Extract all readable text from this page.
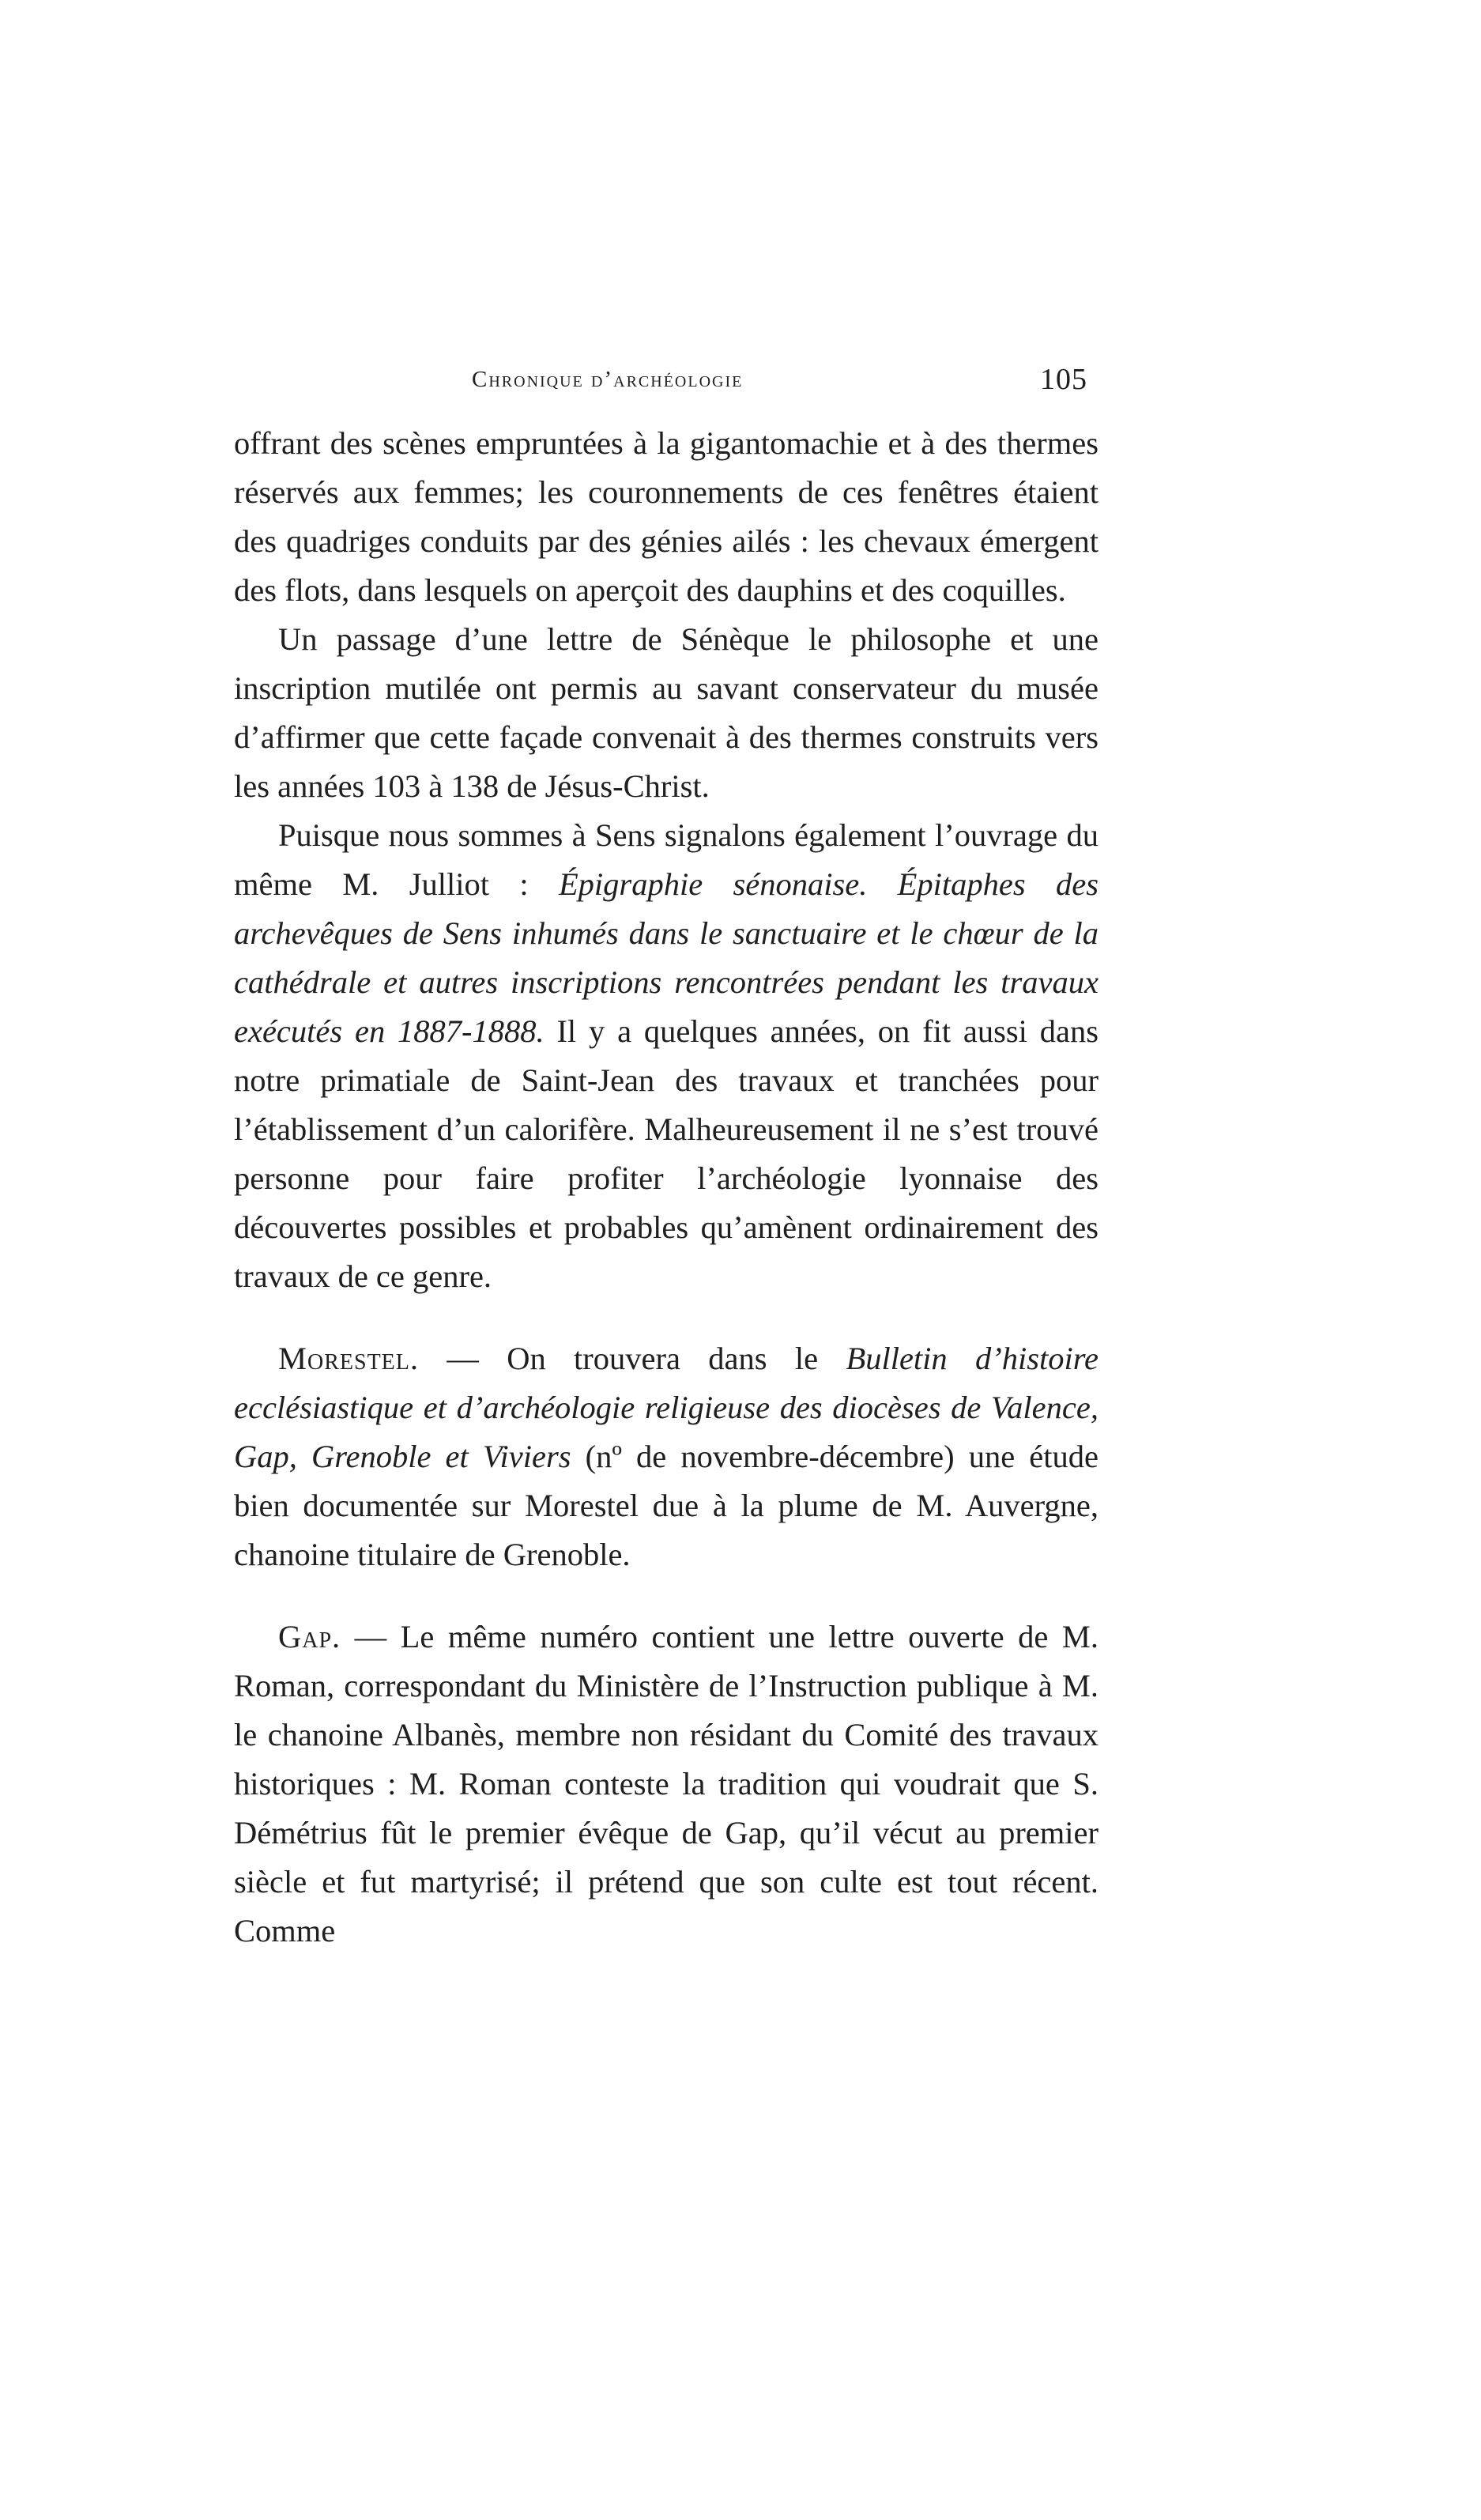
Chronique d’archéologie	105

offrant des scènes empruntées à la gigantomachie et à des thermes réservés aux femmes; les couronnements de ces fenêtres étaient des quadriges conduits par des génies ailés : les chevaux émergent des flots, dans lesquels on aperçoit des dauphins et des coquilles.

Un passage d’une lettre de Sénèque le philosophe et une inscription mutilée ont permis au savant conservateur du musée d’affirmer que cette façade convenait à des thermes construits vers les années 103 à 138 de Jésus-Christ.

Puisque nous sommes à Sens signalons également l’ouvrage du même M. Julliot : Épigraphie sénonaise. Épitaphes des archevêques de Sens inhumés dans le sanctuaire et le chœur de la cathédrale et autres inscriptions rencontrées pendant les travaux exécutés en 1887-1888. Il y a quelques années, on fit aussi dans notre primatiale de Saint-Jean des travaux et tranchées pour l’établissement d’un calorifère. Malheureusement il ne s’est trouvé personne pour faire profiter l’archéologie lyonnaise des découvertes possibles et probables qu’amènent ordinairement des travaux de ce genre.

Morestel. — On trouvera dans le Bulletin d’histoire ecclésiastique et d’archéologie religieuse des diocèses de Valence, Gap, Grenoble et Viviers (nº de novembre-décembre) une étude bien documentée sur Morestel due à la plume de M. Auvergne, chanoine titulaire de Grenoble.

Gap. — Le même numéro contient une lettre ouverte de M. Roman, correspondant du Ministère de l’Instruction publique à M. le chanoine Albanès, membre non résidant du Comité des travaux historiques : M. Roman conteste la tradition qui voudrait que S. Démétrius fût le premier évêque de Gap, qu’il vécut au premier siècle et fut martyrisé; il prétend que son culte est tout récent. Comme
